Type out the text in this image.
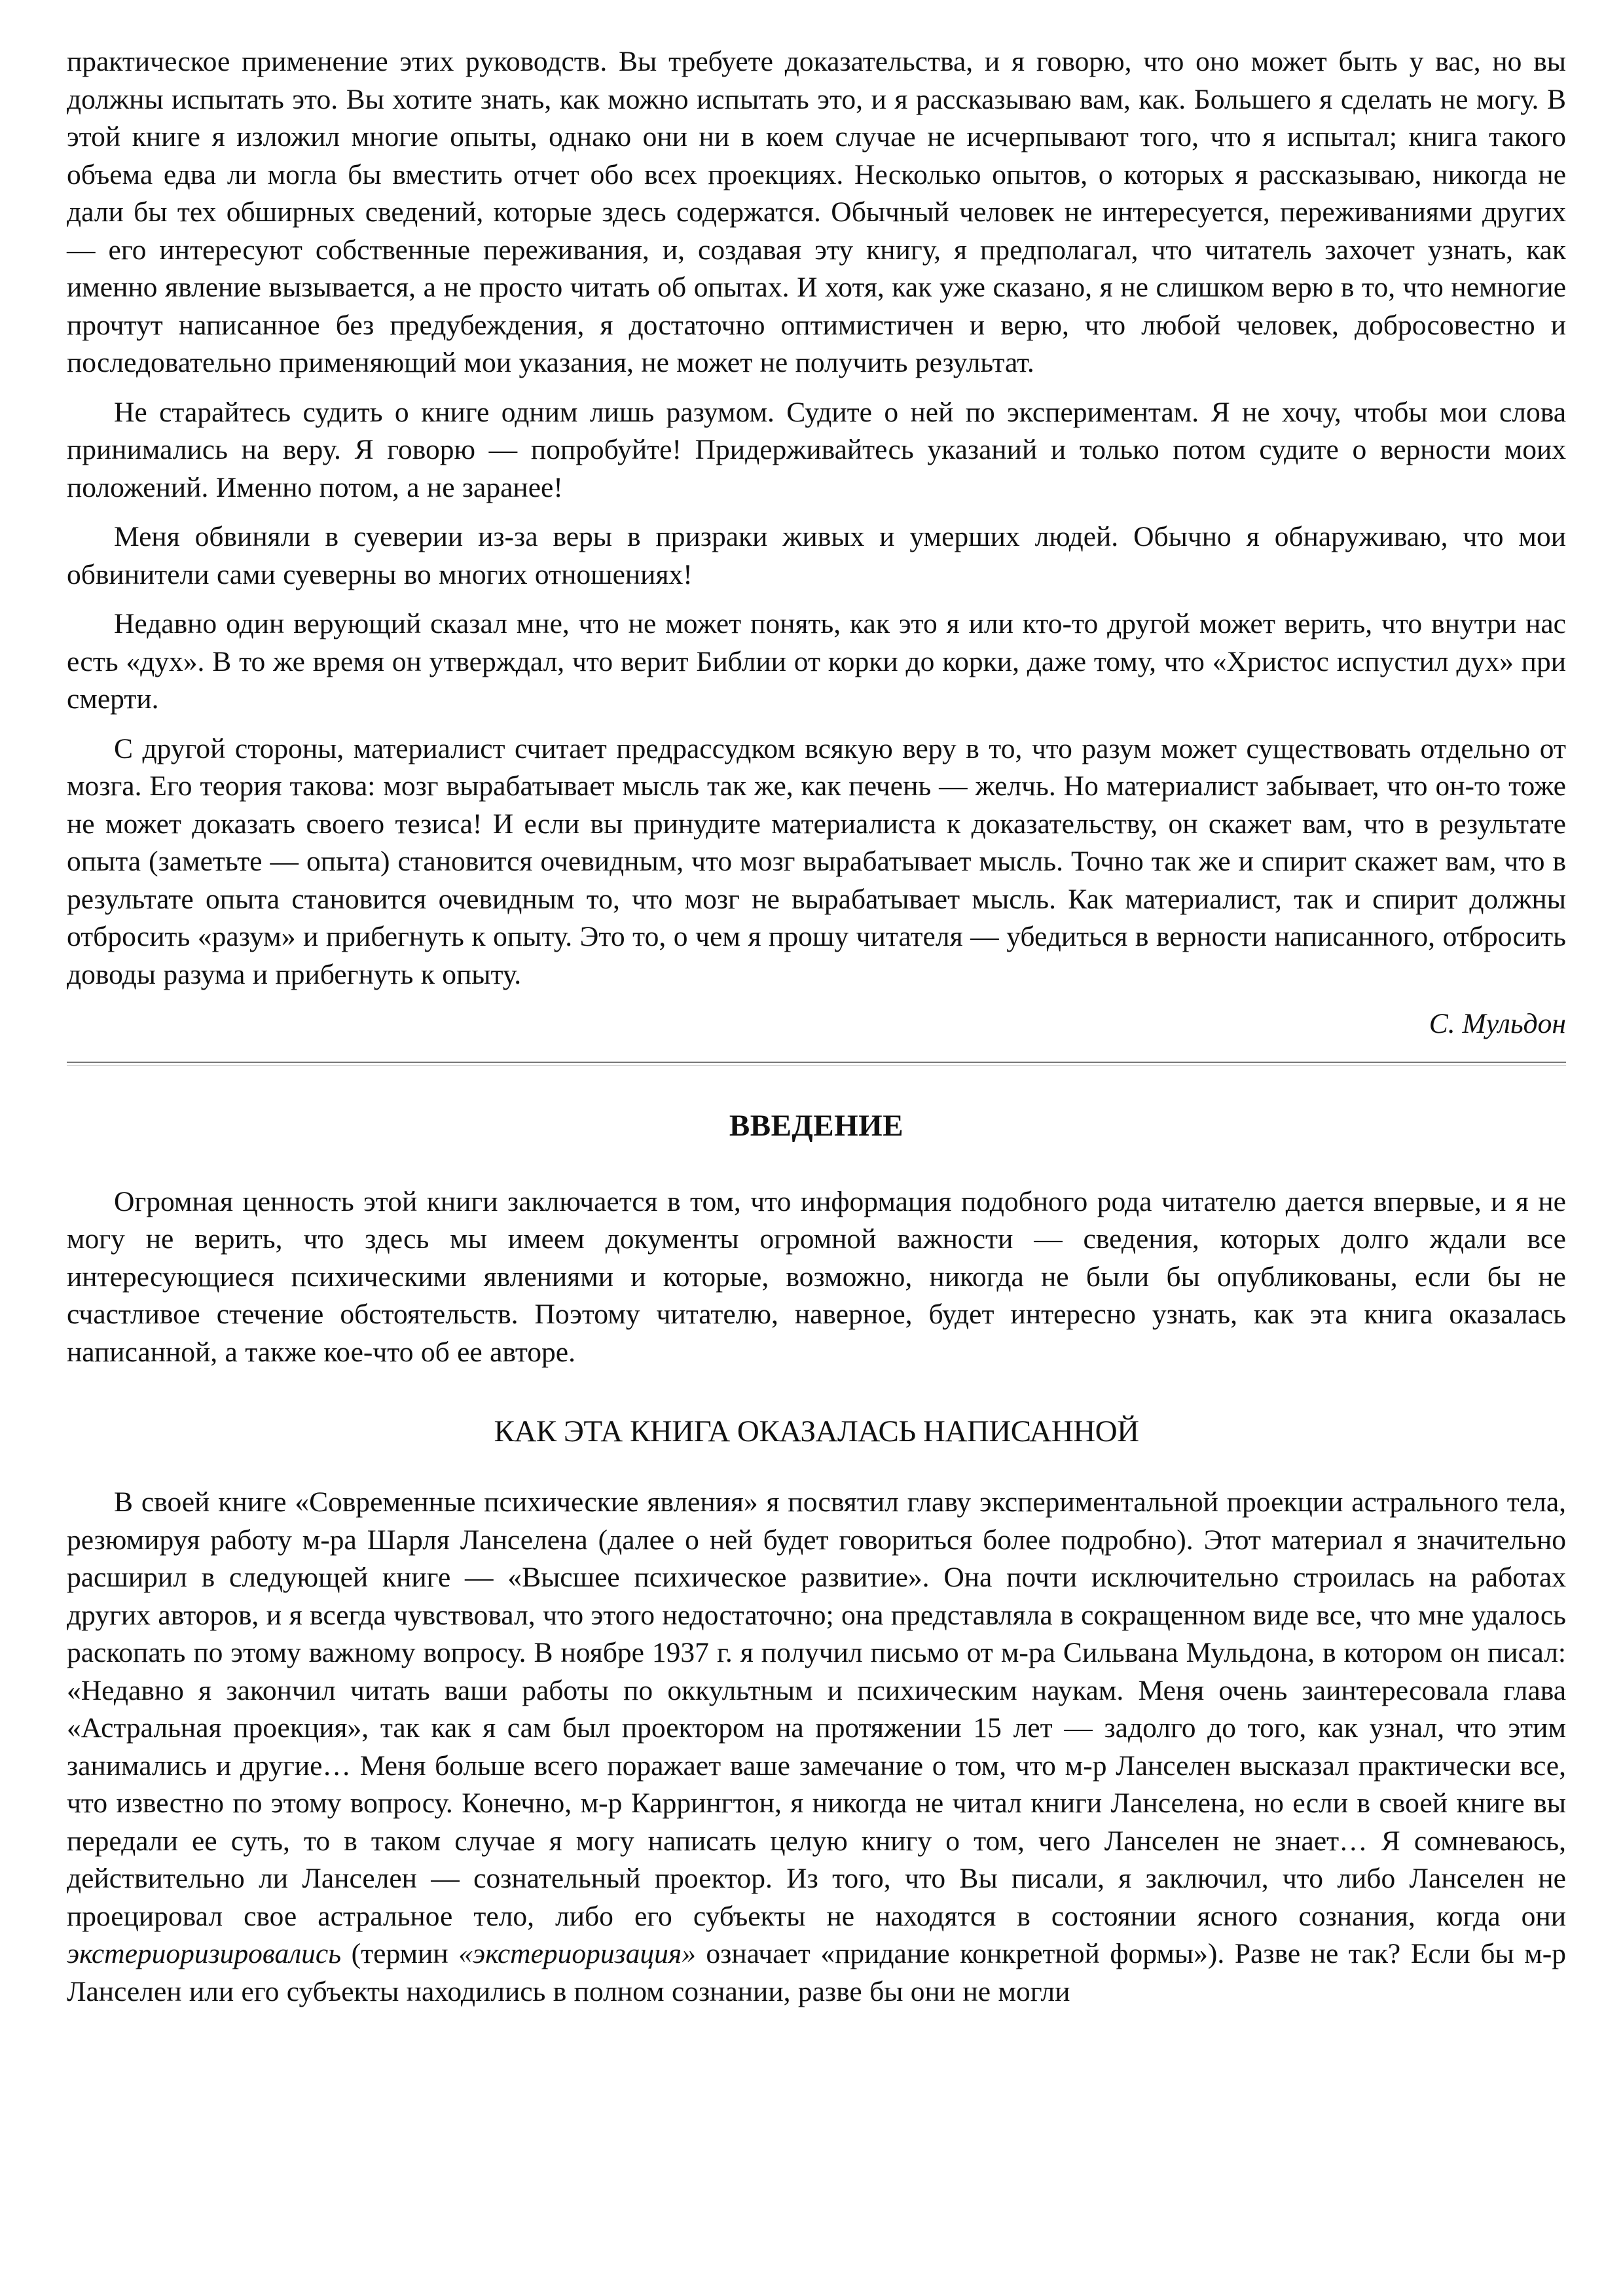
практическое применение этих руководств. Вы требуете доказательства, и я говорю, что оно может быть у вас, но вы должны испытать это. Вы хотите знать, как можно испытать это, и я рассказываю вам, как. Большего я сделать не могу. В этой книге я изложил многие опыты, однако они ни в коем случае не исчерпывают того, что я испытал; книга такого объема едва ли могла бы вместить отчет обо всех проекциях. Несколько опытов, о которых я рассказываю, никогда не дали бы тех обширных сведений, которые здесь содержатся. Обычный человек не интересуется, переживаниями других — его интересуют собственные переживания, и, создавая эту книгу, я предполагал, что читатель захочет узнать, как именно явление вызывается, а не просто читать об опытах. И хотя, как уже сказано, я не слишком верю в то, что немногие прочтут написанное без предубеждения, я достаточно оптимистичен и верю, что любой человек, добросовестно и последовательно применяющий мои указания, не может не получить результат.

Не старайтесь судить о книге одним лишь разумом. Судите о ней по экспериментам. Я не хочу, чтобы мои слова принимались на веру. Я говорю — попробуйте! Придерживайтесь указаний и только потом судите о верности моих положений. Именно потом, а не заранее!

Меня обвиняли в суеверии из-за веры в призраки живых и умерших людей. Обычно я обнаруживаю, что мои обвинители сами суеверны во многих отношениях!

Недавно один верующий сказал мне, что не может понять, как это я или кто-то другой может верить, что внутри нас есть «дух». В то же время он утверждал, что верит Библии от корки до корки, даже тому, что «Христос испустил дух» при смерти.

С другой стороны, материалист считает предрассудком всякую веру в то, что разум может существовать отдельно от мозга. Его теория такова: мозг вырабатывает мысль так же, как печень — желчь. Но материалист забывает, что он-то тоже не может доказать своего тезиса! И если вы принудите материалиста к доказательству, он скажет вам, что в результате опыта (заметьте — опыта) становится очевидным, что мозг вырабатывает мысль. Точно так же и спирит скажет вам, что в результате опыта становится очевидным то, что мозг не вырабатывает мысль. Как материалист, так и спирит должны отбросить «разум» и прибегнуть к опыту. Это то, о чем я прошу читателя — убедиться в верности написанного, отбросить доводы разума и прибегнуть к опыту.

С. Мульдон

ВВЕДЕНИЕ

Огромная ценность этой книги заключается в том, что информация подобного рода читателю дается впервые, и я не могу не верить, что здесь мы имеем документы огромной важности — сведения, которых долго ждали все интересующиеся психическими явлениями и которые, возможно, никогда не были бы опубликованы, если бы не счастливое стечение обстоятельств. Поэтому читателю, наверное, будет интересно узнать, как эта книга оказалась написанной, а также кое-что об ее авторе.

КАК ЭТА КНИГА ОКАЗАЛАСЬ НАПИСАННОЙ

В своей книге «Современные психические явления» я посвятил главу экспериментальной проекции астрального тела, резюмируя работу м-ра Шарля Ланселена (далее о ней будет говориться более подробно). Этот материал я значительно расширил в следующей книге — «Высшее психическое развитие». Она почти исключительно строилась на работах других авторов, и я всегда чувствовал, что этого недостаточно; она представляла в сокращенном виде все, что мне удалось раскопать по этому важному вопросу. В ноябре 1937 г. я получил письмо от м-ра Сильвана Мульдона, в котором он писал: «Недавно я закончил читать ваши работы по оккультным и психическим наукам. Меня очень заинтересовала глава «Астральная проекция», так как я сам был проектором на протяжении 15 лет — задолго до того, как узнал, что этим занимались и другие… Меня больше всего поражает ваше замечание о том, что м-р Ланселен высказал практически все, что известно по этому вопросу. Конечно, м-р Каррингтон, я никогда не читал книги Ланселена, но если в своей книге вы передали ее суть, то в таком случае я могу написать целую книгу о том, чего Ланселен не знает… Я сомневаюсь, действительно ли Ланселен — сознательный проектор. Из того, что Вы писали, я заключил, что либо Ланселен не проецировал свое астральное тело, либо его субъекты не находятся в состоянии ясного сознания, когда они экстериоризировались (термин «экстериоризация» означает «придание конкретной формы»). Разве не так? Если бы м-р Ланселен или его субъекты находились в полном сознании, разве бы они не могли
